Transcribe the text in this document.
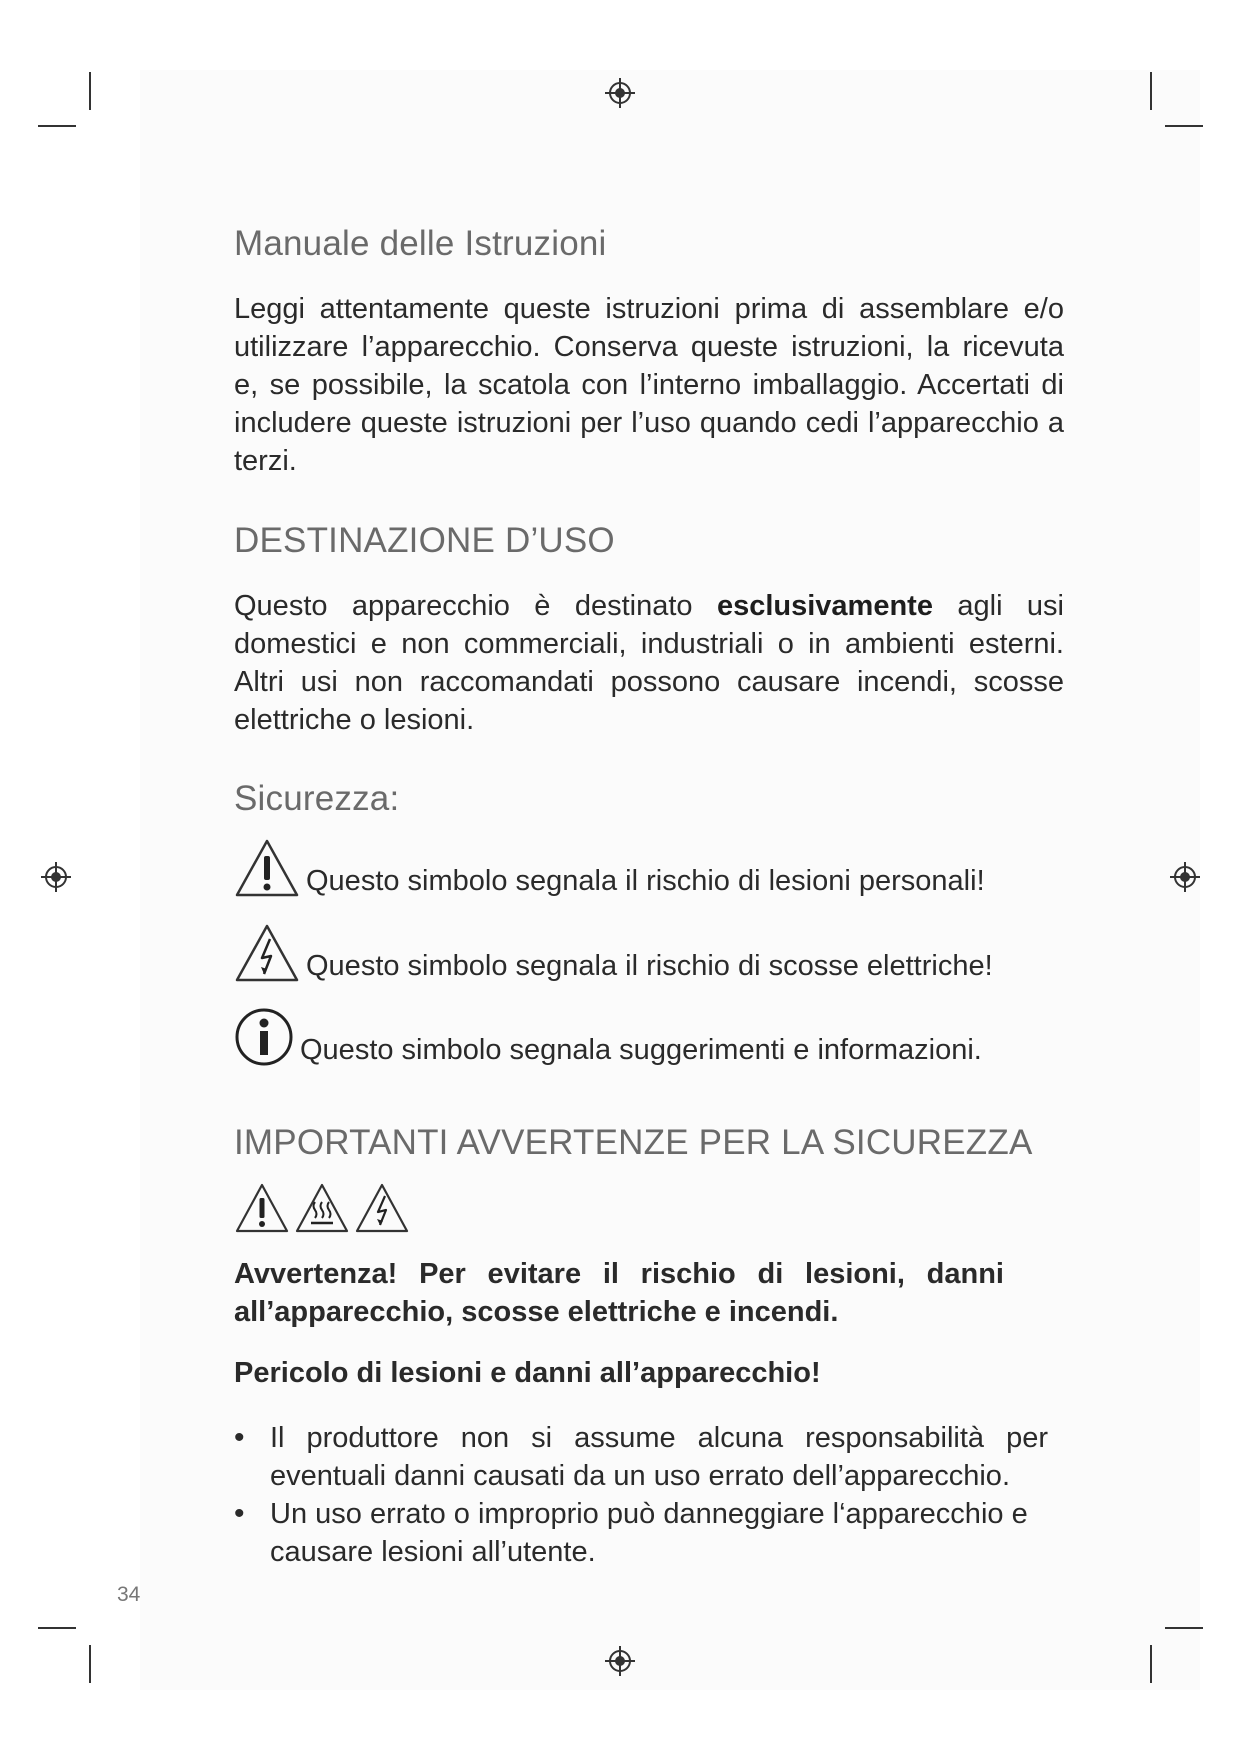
Manuale delle Istruzioni

Leggi attentamente queste istruzioni prima di assemblare e/o utilizzare l’apparecchio. Conserva queste istruzioni, la ricevuta e, se possibile, la scatola con l’interno imballaggio. Accertati di includere queste istruzioni per l’uso quando cedi l’apparecchio a terzi.

DESTINAZIONE D’USO

Questo apparecchio è destinato esclusivamente agli usi domestici e non commerciali, industriali o in ambienti esterni. Altri usi non raccomandati possono causare incendi, scosse elettriche o lesioni.

Sicurezza:
Questo simbolo segnala il rischio di lesioni personali!
Questo simbolo segnala il rischio di scosse elettriche!
Questo simbolo segnala suggerimenti e informazioni.
IMPORTANTI AVVERTENZE PER LA SICUREZZA

Avvertenza! Per evitare il rischio di lesioni, danni all’apparecchio, scosse elettriche e incendi.

Pericolo di lesioni e danni all’apparecchio!

• Il produttore non si assume alcuna responsabilità per eventuali danni causati da un uso errato dell’apparecchio.
• Un uso errato o improprio può danneggiare l‘apparecchio e causare lesioni all’utente.
34
